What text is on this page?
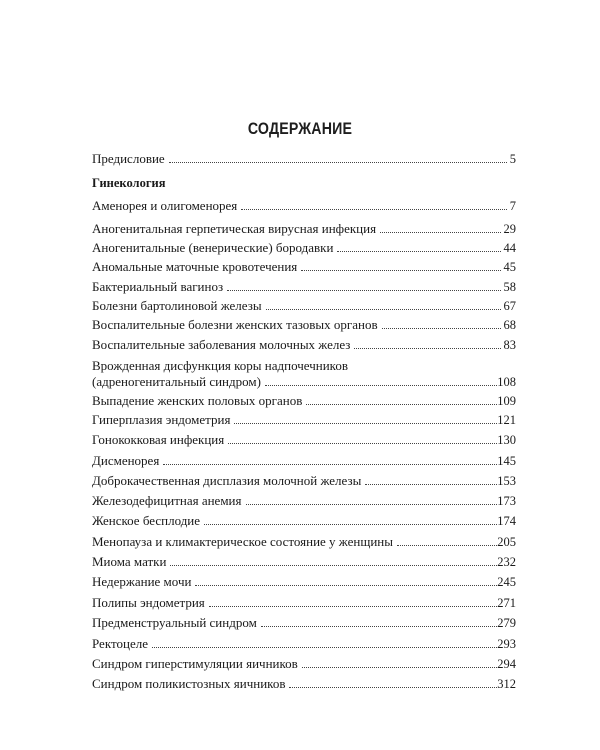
СОДЕРЖАНИЕ
Предисловие	5
Гинекология
Аменорея и олигоменорея	7
Аногенитальная герпетическая вирусная инфекция	29
Аногенитальные (венерические) бородавки	44
Аномальные маточные кровотечения	45
Бактериальный вагиноз	58
Болезни бартолиновой железы	67
Воспалительные болезни женских тазовых органов	68
Воспалительные заболевания молочных желез	83
Врожденная дисфункция коры надпочечников
(адреногенитальный синдром)	108
Выпадение женских половых органов	109
Гиперплазия эндометрия	121
Гонококковая инфекция	130
Дисменорея	145
Доброкачественная дисплазия молочной железы	153
Железодефицитная анемия	173
Женское бесплодие	174
Менопауза и климактерическое состояние у женщины	205
Миома матки	232
Недержание мочи	245
Полипы эндометрия	271
Предменструальный синдром	279
Ректоцеле	293
Синдром гиперстимуляции яичников	294
Синдром поликистозных яичников	312
